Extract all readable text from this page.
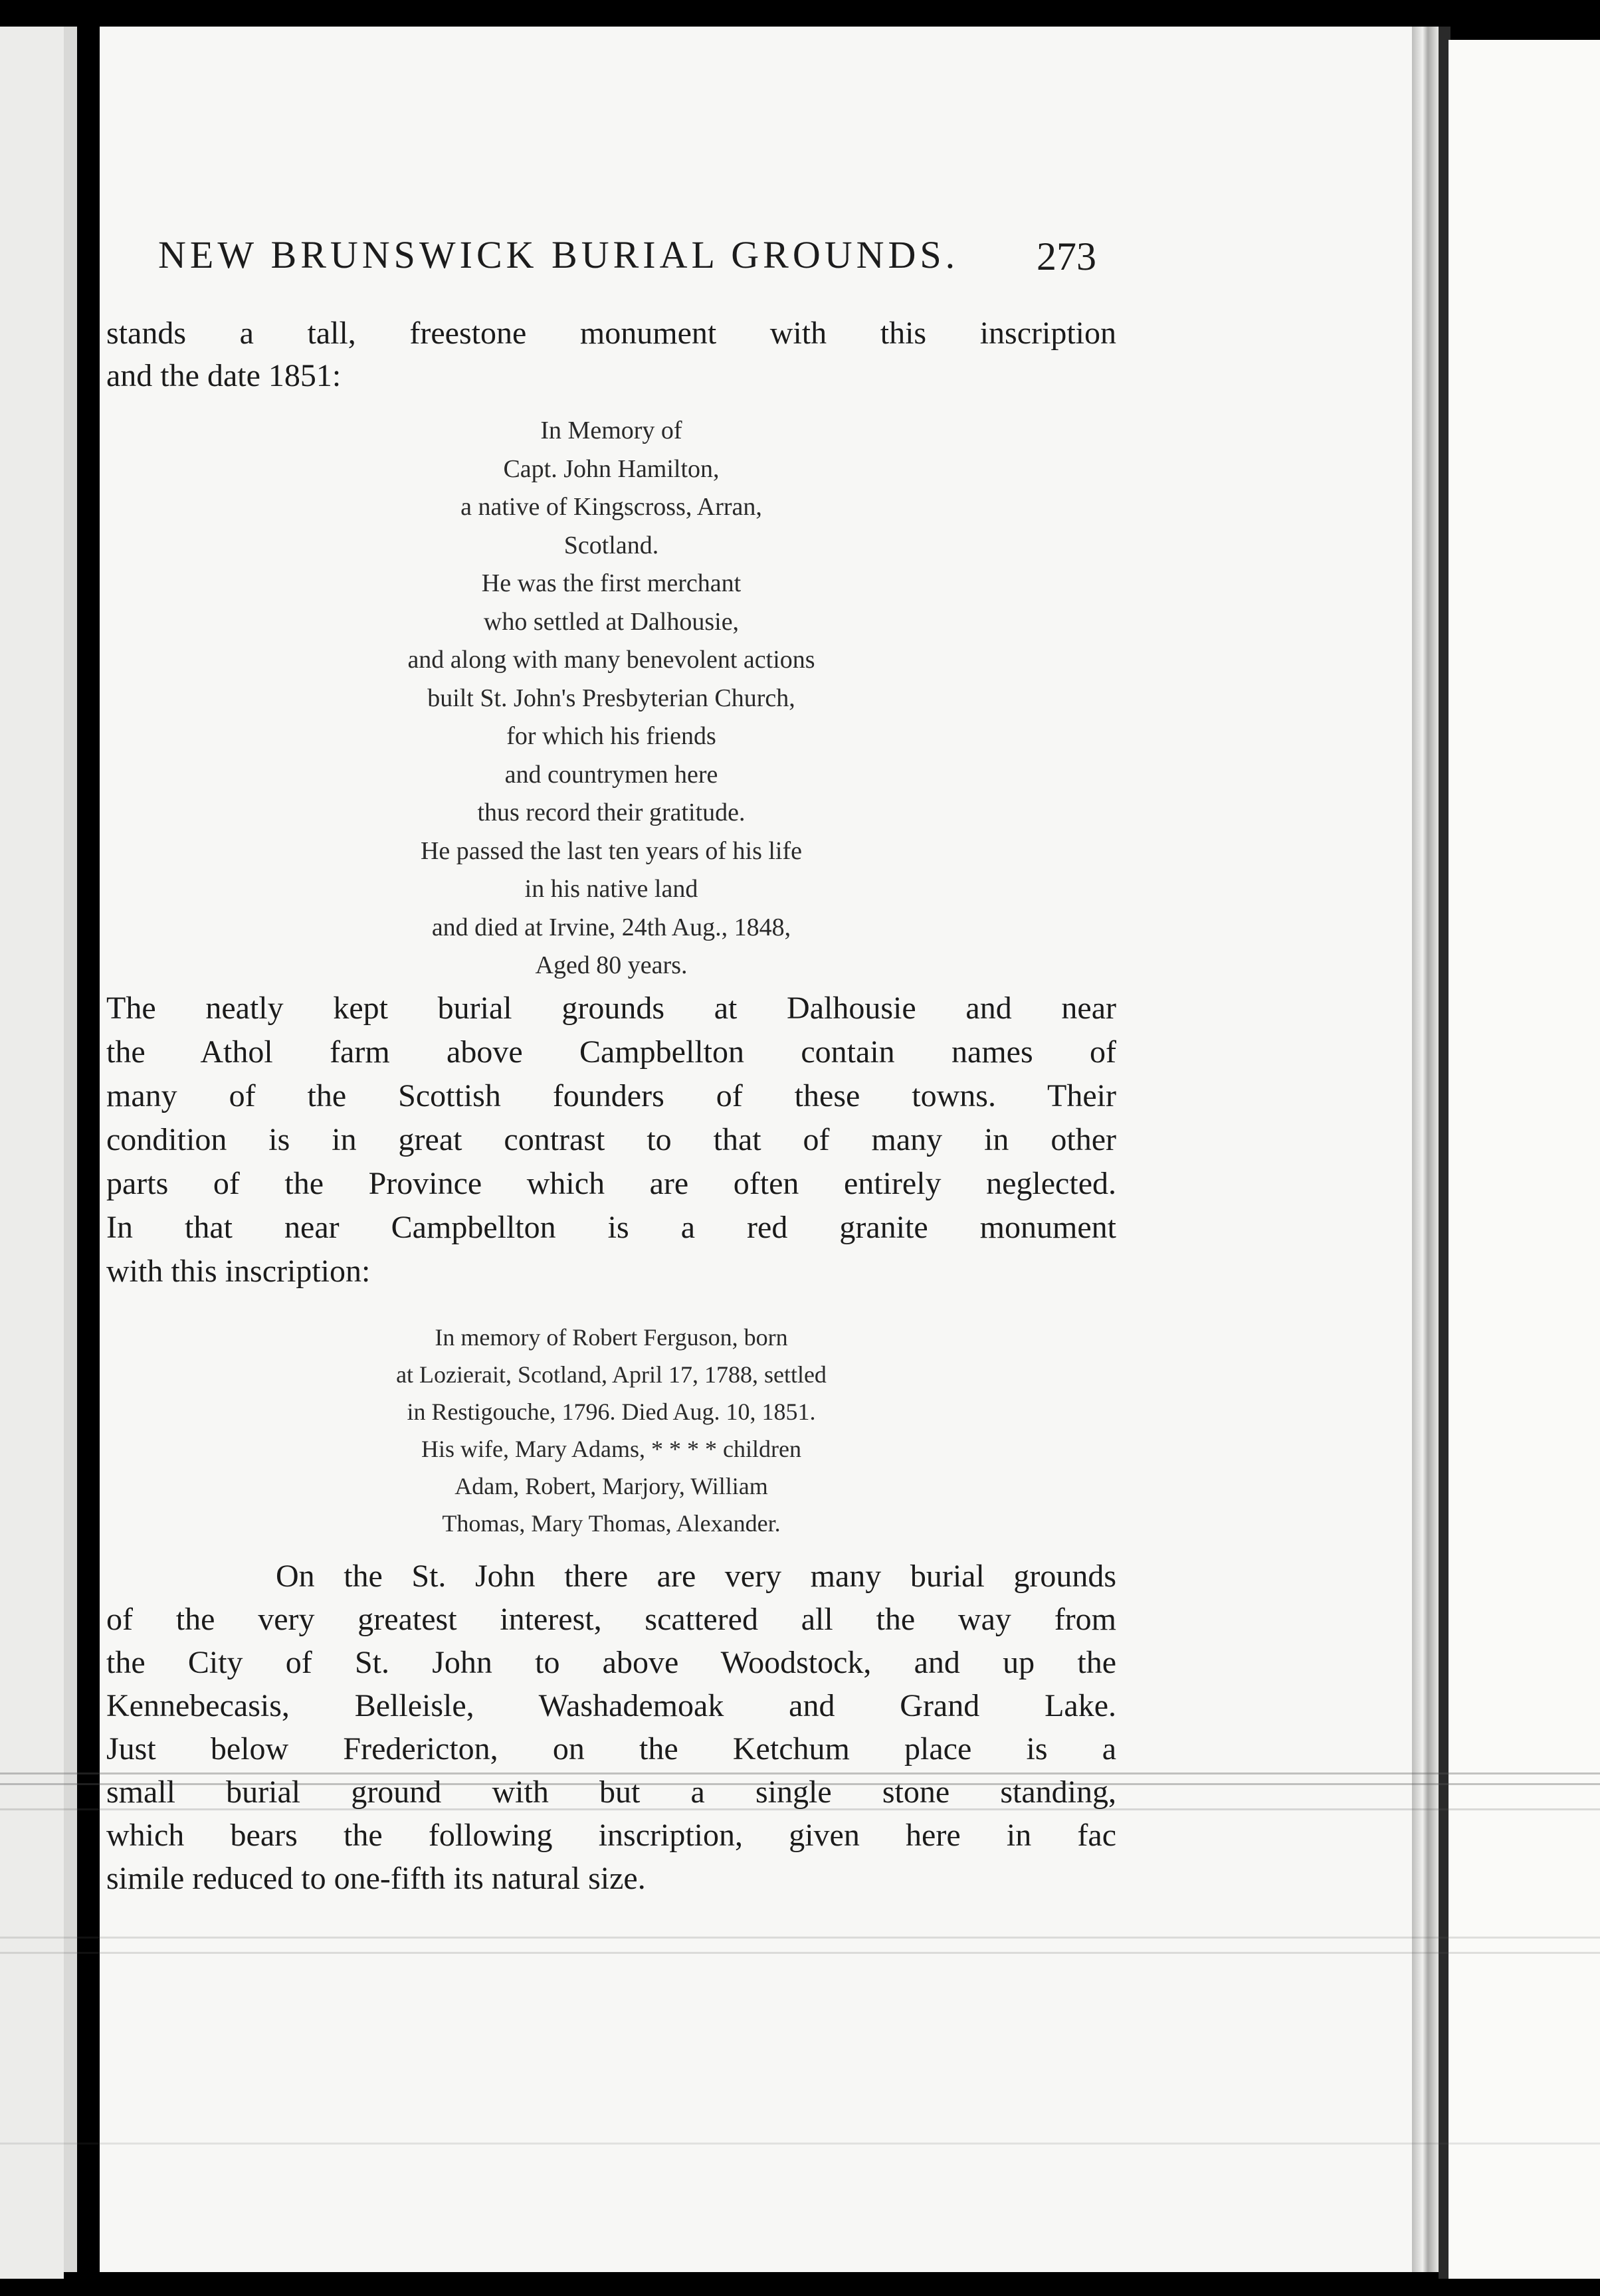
NEW BRUNSWICK BURIAL GROUNDS.	273
stands a tall, freestone monument with this inscription
and the date 1851:
In Memory of
Capt. John Hamilton,
a native of Kingscross, Arran,
Scotland.
He was the first merchant
who settled at Dalhousie,
and along with many benevolent actions
built St. John's Presbyterian Church,
for which his friends
and countrymen here
thus record their gratitude.
He passed the last ten years of his life
in his native land
and died at Irvine, 24th Aug., 1848,
Aged 80 years.
The neatly kept burial grounds at Dalhousie and near
the Athol farm above Campbellton contain names of
many of the Scottish founders of these towns. Their
condition is in great contrast to that of many in other
parts of the Province which are often entirely neglected.
In that near Campbellton is a red granite monument
with this inscription:
In memory of Robert Ferguson, born
at Lozierait, Scotland, April 17, 1788, settled
in Restigouche, 1796. Died Aug. 10, 1851.
His wife, Mary Adams, * * * * children
Adam, Robert, Marjory, William
Thomas, Mary Thomas, Alexander.
On the St. John there are very many burial grounds
of the very greatest interest, scattered all the way from
the City of St. John to above Woodstock, and up the
Kennebecasis, Belleisle, Washademoak and Grand Lake.
Just below Fredericton, on the Ketchum place is a
small burial ground with but a single stone standing,
which bears the following inscription, given here in fac
simile reduced to one-fifth its natural size.
